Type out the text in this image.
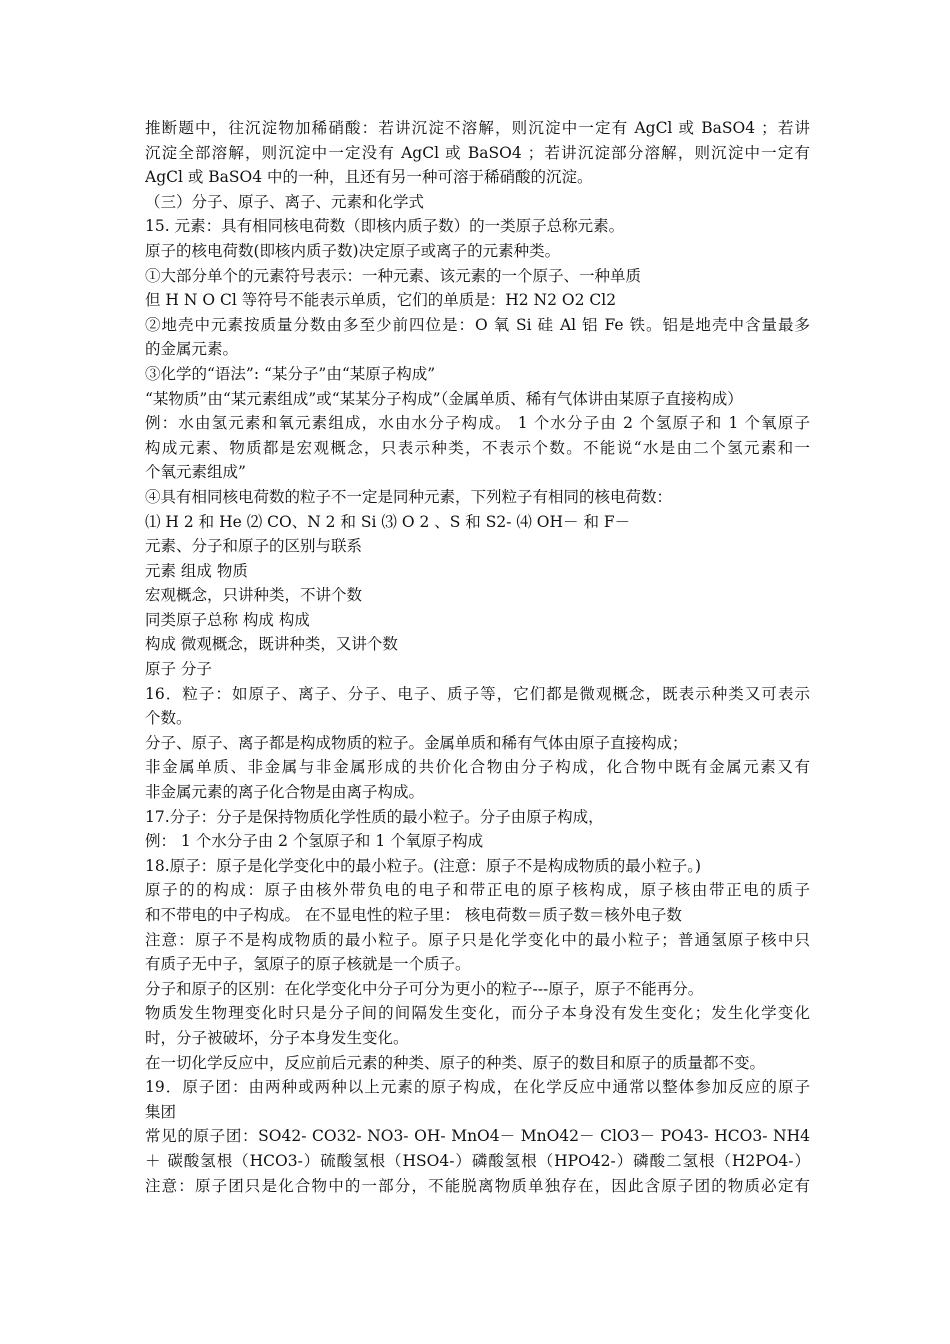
推断题中，往沉淀物加稀硝酸：若讲沉淀不溶解，则沉淀中一定有 AgCl 或 BaSO4 ；若讲
沉淀全部溶解，则沉淀中一定没有 AgCl 或 BaSO4 ；若讲沉淀部分溶解，则沉淀中一定有
AgCl 或 BaSO4 中的一种，且还有另一种可溶于稀硝酸的沉淀。
（三）分子、原子、离子、元素和化学式
15. 元素：具有相同核电荷数（即核内质子数）的一类原子总称元素。
原子的核电荷数(即核内质子数)决定原子或离子的元素种类。
①大部分单个的元素符号表示：一种元素、该元素的一个原子、一种单质
但 H N O Cl 等符号不能表示单质，它们的单质是：H2 N2 O2 Cl2
②地壳中元素按质量分数由多至少前四位是：O 氧 Si 硅 Al 铝 Fe 铁。铝是地壳中含量最多
的金属元素。
③化学的“语法”: “某分子”由“某原子构成”
“某物质”由“某元素组成”或“某某分子构成”（金属单质、稀有气体讲由某原子直接构成）
例：水由氢元素和氧元素组成，水由水分子构成。 1 个水分子由 2 个氢原子和 1 个氧原子
构成元素、物质都是宏观概念，只表示种类，不表示个数。不能说“水是由二个氢元素和一
个氧元素组成”
④具有相同核电荷数的粒子不一定是同种元素，下列粒子有相同的核电荷数：
⑴ H 2 和 He ⑵ CO、N 2 和 Si ⑶ O 2 、S 和 S2- ⑷ OH－ 和 F－
元素、分子和原子的区别与联系
元素 组成 物质
宏观概念，只讲种类，不讲个数
同类原子总称 构成 构成
构成 微观概念，既讲种类，又讲个数
原子 分子
16．粒子：如原子、离子、分子、电子、质子等，它们都是微观概念，既表示种类又可表示
个数。
分子、原子、离子都是构成物质的粒子。金属单质和稀有气体由原子直接构成；
非金属单质、非金属与非金属形成的共价化合物由分子构成，化合物中既有金属元素又有
非金属元素的离子化合物是由离子构成。
17.分子：分子是保持物质化学性质的最小粒子。分子由原子构成，
例： 1 个水分子由 2 个氢原子和 1 个氧原子构成
18.原子：原子是化学变化中的最小粒子。(注意：原子不是构成物质的最小粒子。)
原子的的构成：原子由核外带负电的电子和带正电的原子核构成，原子核由带正电的质子
和不带电的中子构成。 在不显电性的粒子里： 核电荷数＝质子数＝核外电子数
注意：原子不是构成物质的最小粒子。原子只是化学变化中的最小粒子；普通氢原子核中只
有质子无中子，氢原子的原子核就是一个质子。
分子和原子的区别：在化学变化中分子可分为更小的粒子---原子，原子不能再分。
物质发生物理变化时只是分子间的间隔发生变化，而分子本身没有发生变化；发生化学变化
时，分子被破坏，分子本身发生变化。
在一切化学反应中，反应前后元素的种类、原子的种类、原子的数目和原子的质量都不变。
19．原子团：由两种或两种以上元素的原子构成，在化学反应中通常以整体参加反应的原子
集团
常见的原子团：SO42- CO32- NO3- OH- MnO4－ MnO42－ ClO3－ PO43- HCO3- NH4
＋ 碳酸氢根（HCO3-）硫酸氢根（HSO4-）磷酸氢根（HPO42-）磷酸二氢根（H2PO4-）
注意：原子团只是化合物中的一部分，不能脱离物质单独存在，因此含原子团的物质必定有
